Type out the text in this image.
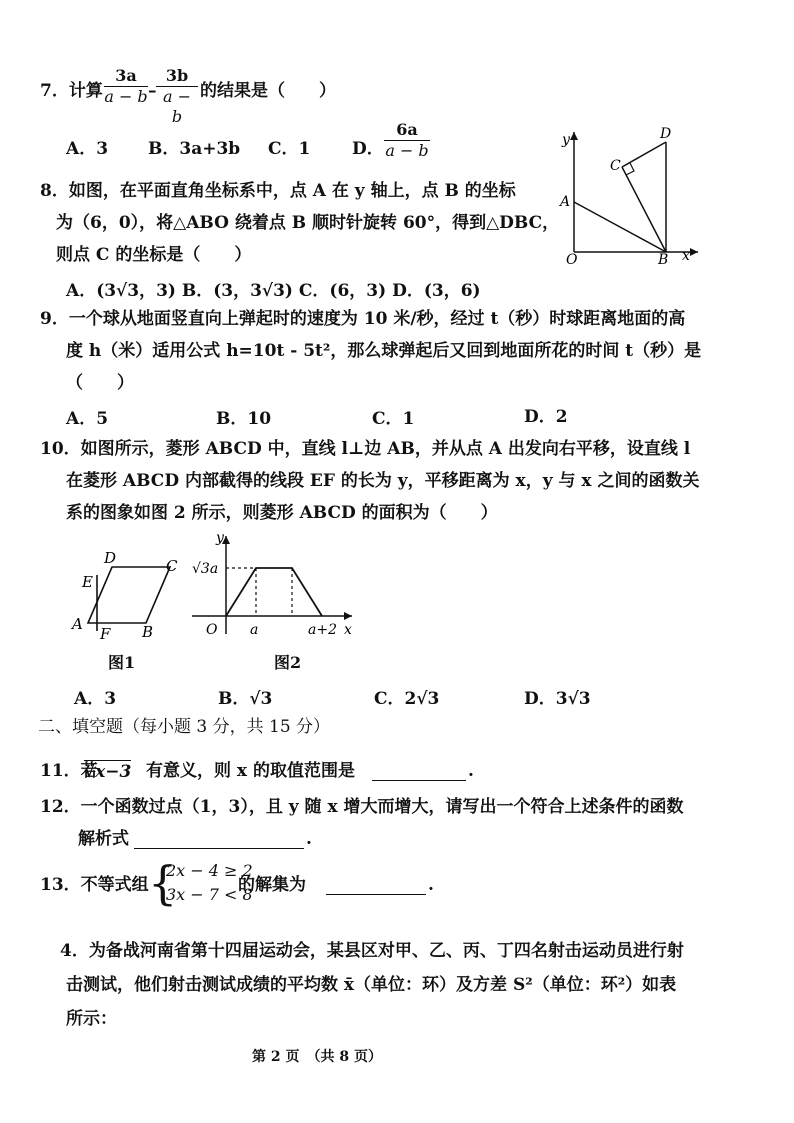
7．计算 $\frac{3a}{a - b} - \frac{3b}{a - b}$ 的结果是（　　）
A．3 B．3a+3b C．1 D． $\frac{6a}{a - b}$	y
x
A
B
C
D
O
8．如图，在平面直角坐标系中，点 A 在 y 轴上，点 B 的坐标
为（6，0），将△ABO 绕着点 B 顺时针旋转 60°，得到△DBC，
则点 C 的坐标是（　　）
A．(3√3，3) B．(3，3√3) C．(6，3) D．(3，6)
9．一个球从地面竖直向上弹起时的速度为 10 米/秒，经过 t（秒）时球距离地面的高
度 h（米）适用公式 h=10t - 5t²，那么球弹起后又回到地面所花的时间 t（秒）是
（　　）
A．5	B．10	C．1	D．2
10．如图所示，菱形 ABCD 中，直线 l⊥边 AB，并从点 A 出发向右平移，设直线 l
在菱形 ABCD 内部截得的线段 EF 的长为 y，平移距离为 x，y 与 x 之间的函数关
系的图象如图 2 所示，则菱形 ABCD 的面积为（　　）
A	B
C
D
E
F
图1
y
x
O
√3a
a	a+2
图2
A．3	B．√3	C．2√3	D．3√3
二、填空题（每小题 3 分，共 15 分）
11．若
√x−3 有意义，则 x 的取值范围是	.
12．一个函数过点（1，3），且 y 随 x 增大而增大，请写出一个符合上述条件的函数
解析式	.
13．不等式组 {
2x − 4 ≥ 2
3x − 7 < 8
的解集为	.
4．为备战河南省第十四届运动会，某县区对甲、乙、丙、丁四名射击运动员进行射
击测试，他们射击测试成绩的平均数 x̄（单位：环）及方差 S²（单位：环²）如表
所示：
第 2 页　（共 8 页）
